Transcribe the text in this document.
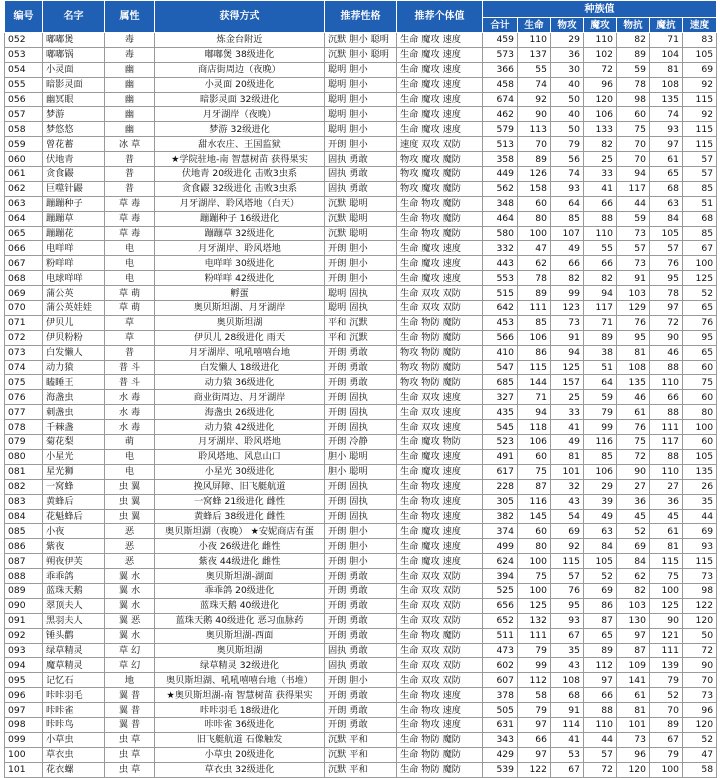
编号	名字	属性	获得方式	推荐性格	推荐个体值	种族值						
						合计	生命	物攻	魔攻	物抗	魔抗	速度
052	嘟嘟煲	毒	炼金台附近	沉默 胆小 聪明	生命 魔攻 速度	459	110	29	110	82	71	83
053	嘟嘟锅	毒	嘟嘟煲 38级进化	沉默 胆小 聪明	生命 魔攻 速度	573	137	36	102	89	104	105
054	小灵面	幽	商店街周边（夜晚）	聪明 胆小	生命 魔攻 速度	366	55	30	72	59	81	69
055	暗影灵面	幽	小灵面 20级进化	聪明 胆小	生命 魔攻 速度	458	74	40	96	78	108	92
056	幽冥眼	幽	暗影灵面 32级进化	聪明 胆小	生命 魔攻 速度	674	92	50	120	98	135	115
057	梦游	幽	月牙湖岸（夜晚）	聪明 胆小	生命 魔攻 速度	462	90	40	106	60	74	92
058	梦悠悠	幽	梦游 32级进化	聪明 胆小	生命 魔攻 速度	579	113	50	133	75	93	115
059	曾花蓄	冰 草	甜水农庄、王国监狱	开朗 胆小	速度 双攻 双防	513	70	79	82	70	97	115
060	伏地青	普	★学院驻地-南 智慧树苗 获得果实	固执 勇敢	物攻 魔攻 魔防	358	89	56	25	70	61	57
061	贪食鼹	普	伏地青 20级进化 击败3虫系	固执 勇敢	物攻 魔攻 魔防	449	126	74	33	94	65	57
062	巨噬针鼹	普	贪食鼹 32级进化 击败3虫系	固执 勇敢	物攻 魔攻 魔防	562	158	93	41	117	68	85
063	蹦蹦种子	草 毒	月牙湖岸、聆风塔地（白天）	沉默 聪明	生命 物攻 魔防	348	60	64	66	44	63	51
064	蹦蹦草	草 毒	蹦蹦种子 16级进化	沉默 聪明	生命 物攻 魔防	464	80	85	88	59	84	68
065	蹦蹦花	草 毒	蹦蹦草 32级进化	沉默 聪明	生命 物攻 魔防	580	100	107	110	73	105	85
066	电咩咩	电	月牙湖岸、聆风塔地	开朗 胆小	生命 魔攻 速度	332	47	49	55	57	57	67
067	粉咩咩	电	电咩咩 30级进化	开朗 胆小	生命 魔攻 速度	443	62	66	66	73	76	100
068	电球咩咩	电	粉咩咩 42级进化	开朗 胆小	生命 魔攻 速度	553	78	82	82	91	95	125
069	蒲公英	草 萌	孵蛋	聪明 固执	生命 双攻 双防	515	89	99	94	103	78	52
070	蒲公英娃娃	草 萌	奥贝斯坦湖、月牙湖岸	聪明 固执	生命 双攻 双防	642	111	123	117	129	97	65
071	伊贝儿	草	奥贝斯坦湖	平和 沉默	生命 物防 魔防	453	85	73	71	76	72	76
072	伊贝粉粉	草	伊贝儿 28级进化 雨天	平和 沉默	生命 物防 魔防	566	106	91	89	95	90	95
073	白发懒人	普	月牙湖岸、吼吼嘻嘻台地	开朗 勇敢	物攻 物防 魔防	410	86	94	38	81	46	65
074	动力猿	普 斗	白发懒人 18级进化	开朗 勇敢	物攻 物防 魔防	547	115	125	51	108	88	60
075	瞌睡王	普 斗	动力猿 36级进化	开朗 勇敢	物攻 物防 魔防	685	144	157	64	135	110	75
076	海盏虫	水 毒	商业街周边、月牙湖岸	开朗 固执	生命 双攻 速度	327	71	25	59	46	66	60
077	刺盏虫	水 毒	海盏虫 26级进化	开朗 固执	生命 双攻 速度	435	94	33	79	61	88	80
078	千棘盏	水 毒	动力猿 42级进化	开朗 固执	生命 双攻 速度	545	118	41	99	76	111	100
079	菊花梨	萌	月牙湖岸、聆风塔地	开朗 冷静	生命 魔攻 物防	523	106	49	116	75	117	60
080	小星光	电	聆风塔地、风息山口	胆小 聪明	生命 魔攻 速度	491	60	81	85	72	88	105
081	星光狮	电	小星光 30级进化	胆小 聪明	生命 魔攻 速度	617	75	101	106	90	110	135
082	一窝蜂	虫 翼	挽风屏障、旧飞艇航道	开朗 固执	生命 物攻 速度	228	87	32	29	27	27	26
083	黄蜂后	虫 翼	一窝蜂 21级进化 雌性	开朗 固执	生命 物攻 速度	305	116	43	39	36	36	35
084	花魁蜂后	虫 翼	黄蜂后 38级进化 雌性	开朗 固执	生命 物攻 速度	382	145	54	49	45	45	44
085	小夜	恶	奥贝斯坦湖（夜晚） ★安妮商店有蛋	开朗 胆小	生命 魔攻 速度	374	60	69	63	52	61	69
086	紫夜	恶	小夜 26级进化 雌性	开朗 胆小	生命 魔攻 速度	499	80	92	84	69	81	93
087	朔夜伊芙	恶	紫夜 44级进化 雌性	开朗 胆小	生命 魔攻 速度	624	100	115	105	84	115	115
088	乖乖鸽	翼 水	奥贝斯坦湖-湖面	开朗 勇敢	生命 双攻 双防	394	75	57	52	62	75	73
089	蓝珠天鹅	翼 水	乖乖鸽 20级进化	开朗 勇敢	生命 双攻 双防	525	100	76	69	82	100	98
090	翠顶夫人	翼 水	蓝珠天鹅 40级进化	开朗 勇敢	生命 双攻 双防	656	125	95	86	103	125	122
091	黑羽夫人	翼 恶	蓝珠天鹅 40级进化 恶习血脉药	开朗 勇敢	生命 双攻 双防	652	132	93	87	130	90	120
092	锤头鹳	翼 水	奥贝斯坦湖-西面	开朗 勇敢	生命 物攻 魔防	511	111	67	65	97	121	50
093	绿草精灵	草 幻	奥贝斯坦湖	固执 勇敢	生命 双攻 双防	473	79	35	89	87	111	72
094	魔草精灵	草 幻	绿草精灵 32级进化	固执 勇敢	生命 双攻 双防	602	99	43	112	109	139	90
095	记忆石	地	奥贝斯坦湖、吼吼嘻嘻台地（书堆）	开朗 胆小	生命 双攻 双防	607	112	108	97	141	79	70
096	咔咔羽毛	翼 普	★奥贝斯坦湖-南 智慧树苗 获得果实	开朗 勇敢	生命 物攻 速度	378	58	68	66	61	52	73
097	咔咔雀	翼 普	咔咔羽毛 18级进化	开朗 勇敢	生命 物攻 速度	505	79	91	88	81	70	96
098	咔咔鸟	翼 普	咔咔雀 36级进化	开朗 勇敢	生命 物攻 速度	631	97	114	110	101	89	120
099	小草虫	虫 草	旧飞艇航道 石像触发	沉默 平和	生命 物防 魔防	343	66	41	44	73	67	52
100	草衣虫	虫 草	小草虫 20级进化	沉默 平和	生命 物防 魔防	429	97	53	57	96	79	47
101	花衣螺	虫 草	草衣虫 32级进化	沉默 平和	生命 物防 魔防	539	122	67	72	120	100	58
